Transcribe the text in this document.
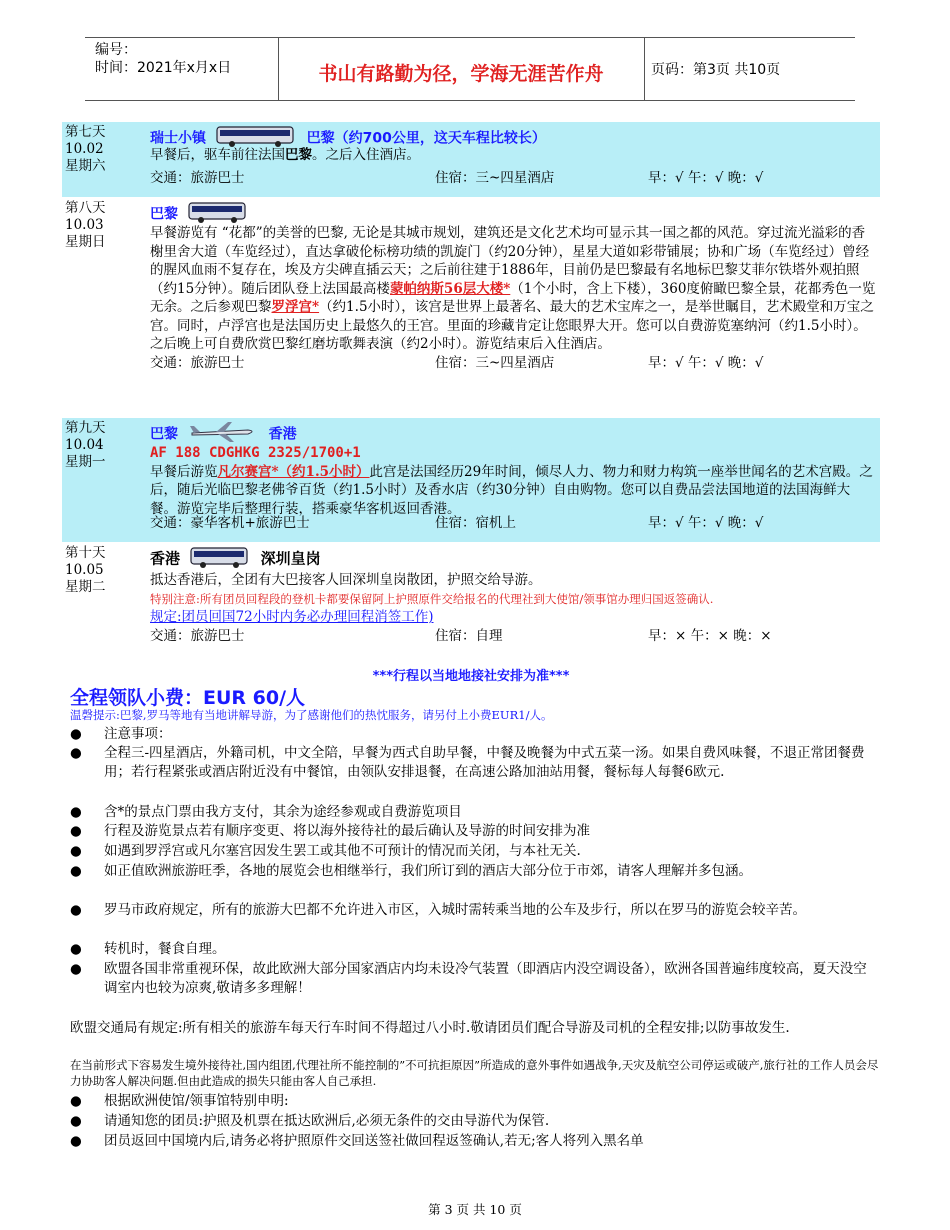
编号：
时间：2021年x月x日	书山有路勤为径，学海无涯苦作舟	页码：第3页 共10页
第七天
10.02
星期六
瑞士小镇	巴黎（约700公里，这天车程比较长）
早餐后，驱车前往法国巴黎。之后入住酒店。
交通：旅游巴士	住宿：三~四星酒店	早：√ 午：√ 晚：√
第八天
10.03
星期日
巴黎
早餐游览有 “花都”的美誉的巴黎, 无论是其城市规划，建筑还是文化艺术均可显示其一国之都的风范。穿过流光溢彩的香榭里舍大道（车览经过），直达拿破伦标榜功绩的凯旋门（约20分钟），星星大道如彩带铺展；协和广场（车览经过）曾经的腥风血雨不复存在，埃及方尖碑直插云天；之后前往建于1886年，目前仍是巴黎最有名地标巴黎艾菲尔铁塔外观拍照（约15分钟）。随后团队登上法国最高楼蒙帕纳斯56层大楼*（1个小时，含上下楼），360度俯瞰巴黎全景，花都秀色一览无余。之后参观巴黎罗浮宫*（约1.5小时），该宫是世界上最著名、最大的艺术宝库之一，是举世瞩目，艺术殿堂和万宝之宫。同时，卢浮宫也是法国历史上最悠久的王宫。里面的珍藏肯定让您眼界大开。您可以自费游览塞纳河（约1.5小时）。之后晚上可自费欣赏巴黎红磨坊歌舞表演（约2小时）。游览结束后入住酒店。
交通：旅游巴士	住宿：三~四星酒店	早：√ 午：√ 晚：√
第九天
10.04
星期一
巴黎	香港
AF 188 CDGHKG 2325/1700+1
早餐后游览凡尔赛宫*（约1.5小时）此宫是法国经历29年时间，倾尽人力、物力和财力构筑一座举世闻名的艺术宫殿。之后，随后光临巴黎老佛爷百货（约1.5小时）及香水店（约30分钟）自由购物。您可以自费品尝法国地道的法国海鲜大餐。游览完毕后整理行装，搭乘豪华客机返回香港。
交通：豪华客机+旅游巴士	住宿：宿机上	早：√ 午：√ 晚：√
第十天
10.05
星期二
香港	深圳皇岗
抵达香港后，全团有大巴接客人回深圳皇岗散团，护照交给导游。
特别注意:所有团员回程段的登机卡都要保留阿上护照原件交给报名的代理社到大使馆/领事馆办理归国返签确认.
规定:团员回国72小时内务必办理回程消签工作)
交通：旅游巴士	住宿：自理	早：× 午：× 晚：×
***行程以当地地接社安排为准***
全程领队小费：EUR 60/人
温磬提示:巴黎,罗马等地有当地讲解导游，为了感谢他们的热忱服务，请另付上小费EUR1/人。
● 注意事项：
● 全程三-四星酒店，外籍司机，中文全陪，早餐为西式自助早餐，中餐及晚餐为中式五菜一汤。如果自费风味餐，不退正常团餐费用；若行程紧张或酒店附近没有中餐馆，由领队安排退餐，在高速公路加油站用餐，餐标每人每餐6欧元.
● 含*的景点门票由我方支付，其余为途经参观或自费游览项目
● 行程及游览景点若有顺序变更、将以海外接待社的最后确认及导游的时间安排为准
● 如遇到罗浮宫或凡尔塞宫因发生罢工或其他不可预计的情况而关闭，与本社无关.
● 如正值欧洲旅游旺季，各地的展览会也相继举行，我们所订到的酒店大部分位于市郊，请客人理解并多包涵。
● 罗马市政府规定，所有的旅游大巴都不允许进入市区，入城时需转乘当地的公车及步行，所以在罗马的游览会较辛苦。
● 转机时，餐食自理。
● 欧盟各国非常重视环保，故此欧洲大部分国家酒店内均未设冷气装置（即酒店内没空调设备），欧洲各国普遍纬度较高，夏天没空调室内也较为凉爽,敬请多多理解！
欧盟交通局有规定:所有相关的旅游车每天行车时间不得超过八小时.敬请团员们配合导游及司机的全程安排;以防事故发生.
在当前形式下容易发生境外接待社,国内组团,代理社所不能控制的”不可抗拒原因”所造成的意外事件如遇战争,天灾及航空公司停运或破产,旅行社的工作人员会尽力协助客人解决问题.但由此造成的损失只能由客人自己承担.
● 根据欧洲使馆/领事馆特别申明:
● 请通知您的团员:护照及机票在抵达欧洲后,必须无条件的交由导游代为保管.
● 团员返回中国境内后,请务必将护照原件交回送签社做回程返签确认,若无;客人将列入黑名单
第 3 页 共 10 页
